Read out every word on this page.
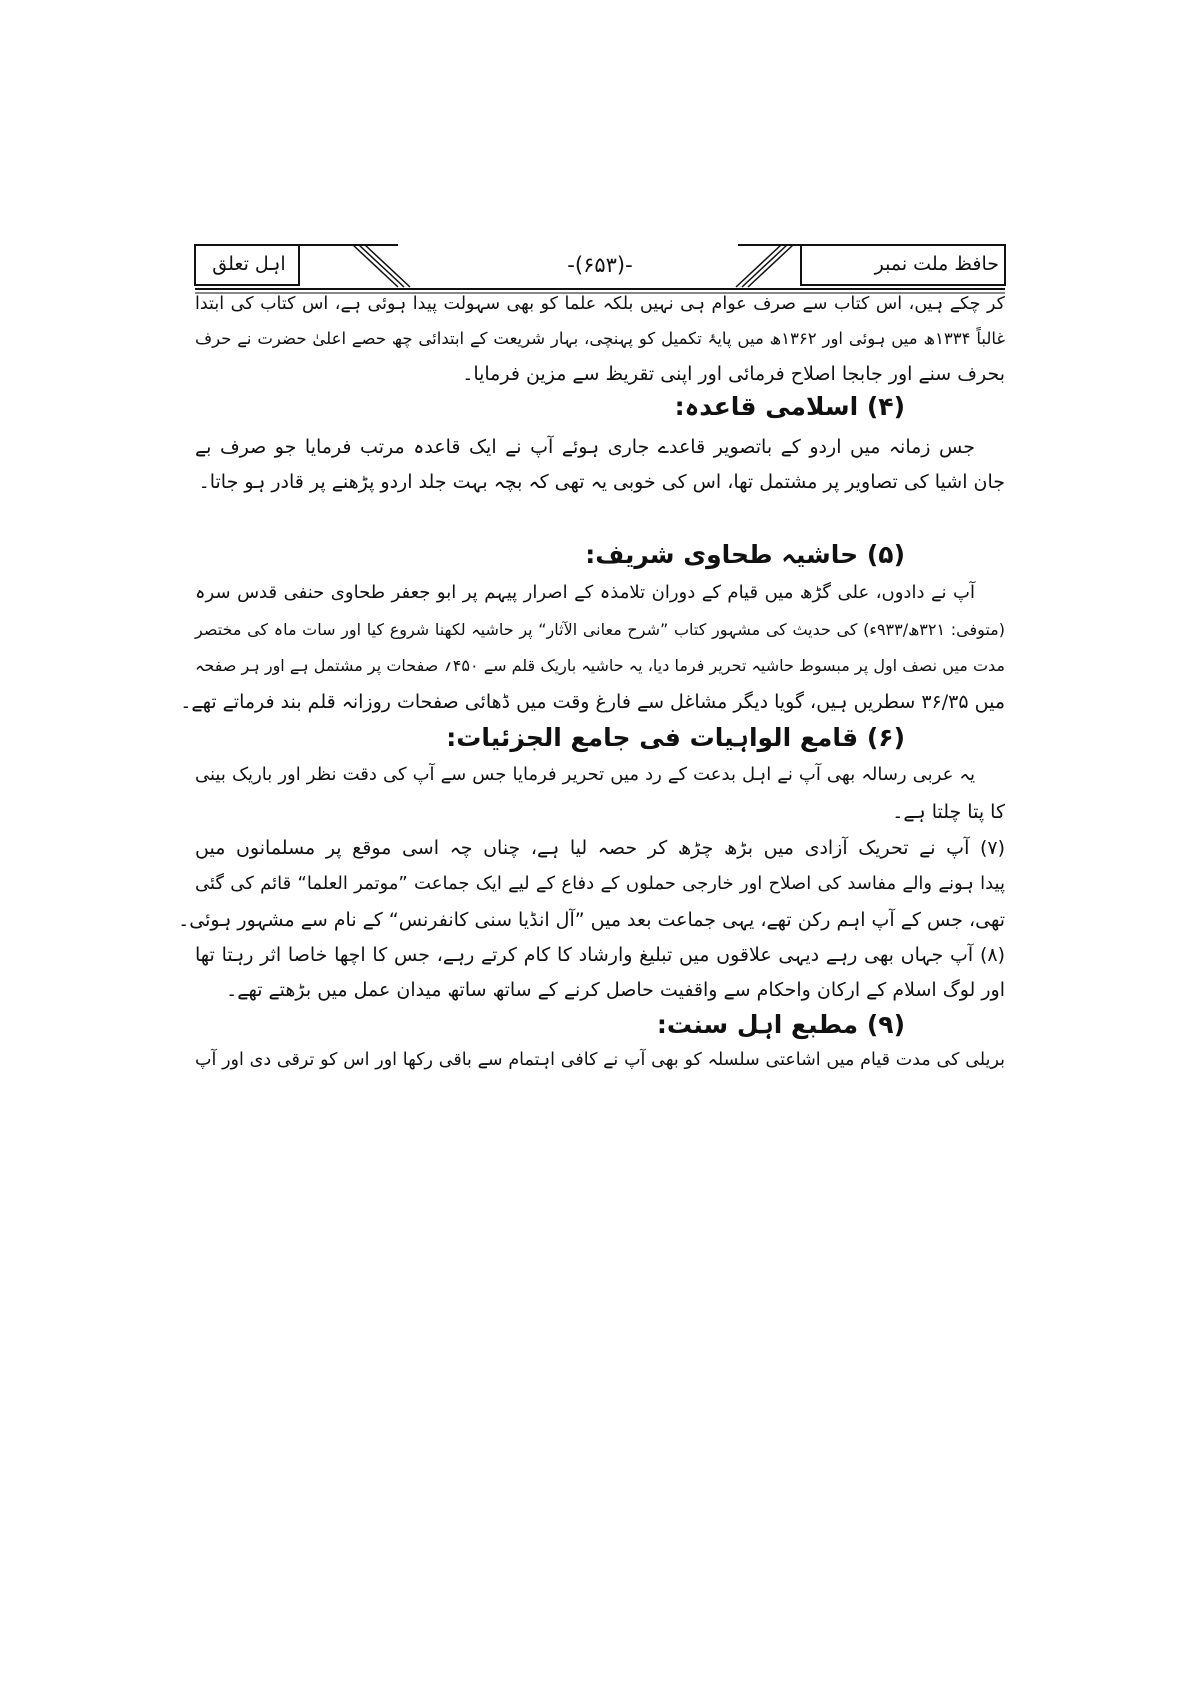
حافظ ملت نمبر
-(۶۵۳)-
اہل تعلق
کر چکے ہیں، اس کتاب سے صرف عوام ہی نہیں بلکہ علما کو بھی سہولت پیدا ہوئی ہے، اس کتاب کی ابتدا
غالباً ۱۳۳۴ھ میں ہوئی اور ۱۳۶۲ھ میں پایۂ تکمیل کو پہنچی، بہار شریعت کے ابتدائی چھ حصے اعلیٰ حضرت نے حرف
بحرف سنے اور جابجا اصلاح فرمائی اور اپنی تقریظ سے مزین فرمایا۔
(۴) اسلامی قاعدہ:
جس زمانہ میں اردو کے باتصویر قاعدے جاری ہوئے آپ نے ایک قاعدہ مرتب فرمایا جو صرف بے
جان اشیا کی تصاویر پر مشتمل تھا، اس کی خوبی یہ تھی کہ بچہ بہت جلد اردو پڑھنے پر قادر ہو جاتا۔
(۵) حاشیہ طحاوی شریف:
آپ نے دادوں، علی گڑھ میں قیام کے دوران تلامذہ کے اصرار پیہم پر ابو جعفر طحاوی حنفی قدس سرہ
(متوفی: ۳۲۱ھ/۹۳۳ء) کی حدیث کی مشہور کتاب ”شرح معانی الآثار“ پر حاشیہ لکھنا شروع کیا اور سات ماہ کی مختصر
مدت میں نصف اول پر مبسوط حاشیہ تحریر فرما دیا، یہ حاشیہ باریک قلم سے ۴۵۰؍ صفحات پر مشتمل ہے اور ہر صفحہ
میں ۳۶/۳۵ سطریں ہیں، گویا دیگر مشاغل سے فارغ وقت میں ڈھائی صفحات روزانہ قلم بند فرماتے تھے۔
(۶) قامع الواہیات فی جامع الجزئیات:
یہ عربی رسالہ بھی آپ نے اہل بدعت کے رد میں تحریر فرمایا جس سے آپ کی دقت نظر اور باریک بینی
کا پتا چلتا ہے۔
(۷) آپ نے تحریک آزادی میں بڑھ چڑھ کر حصہ لیا ہے، چناں چہ اسی موقع پر مسلمانوں میں
پیدا ہونے والے مفاسد کی اصلاح اور خارجی حملوں کے دفاع کے لیے ایک جماعت ”موتمر العلما“ قائم کی گئی
تھی، جس کے آپ اہم رکن تھے، یہی جماعت بعد میں ”آل انڈیا سنی کانفرنس“ کے نام سے مشہور ہوئی۔
(۸) آپ جہاں بھی رہے دیہی علاقوں میں تبلیغ وارشاد کا کام کرتے رہے، جس کا اچھا خاصا اثر رہتا تھا
اور لوگ اسلام کے ارکان واحکام سے واقفیت حاصل کرنے کے ساتھ ساتھ میدان عمل میں بڑھتے تھے۔
(۹) مطبع اہل سنت:
بریلی کی مدت قیام میں اشاعتی سلسلہ کو بھی آپ نے کافی اہتمام سے باقی رکھا اور اس کو ترقی دی اور آپ
